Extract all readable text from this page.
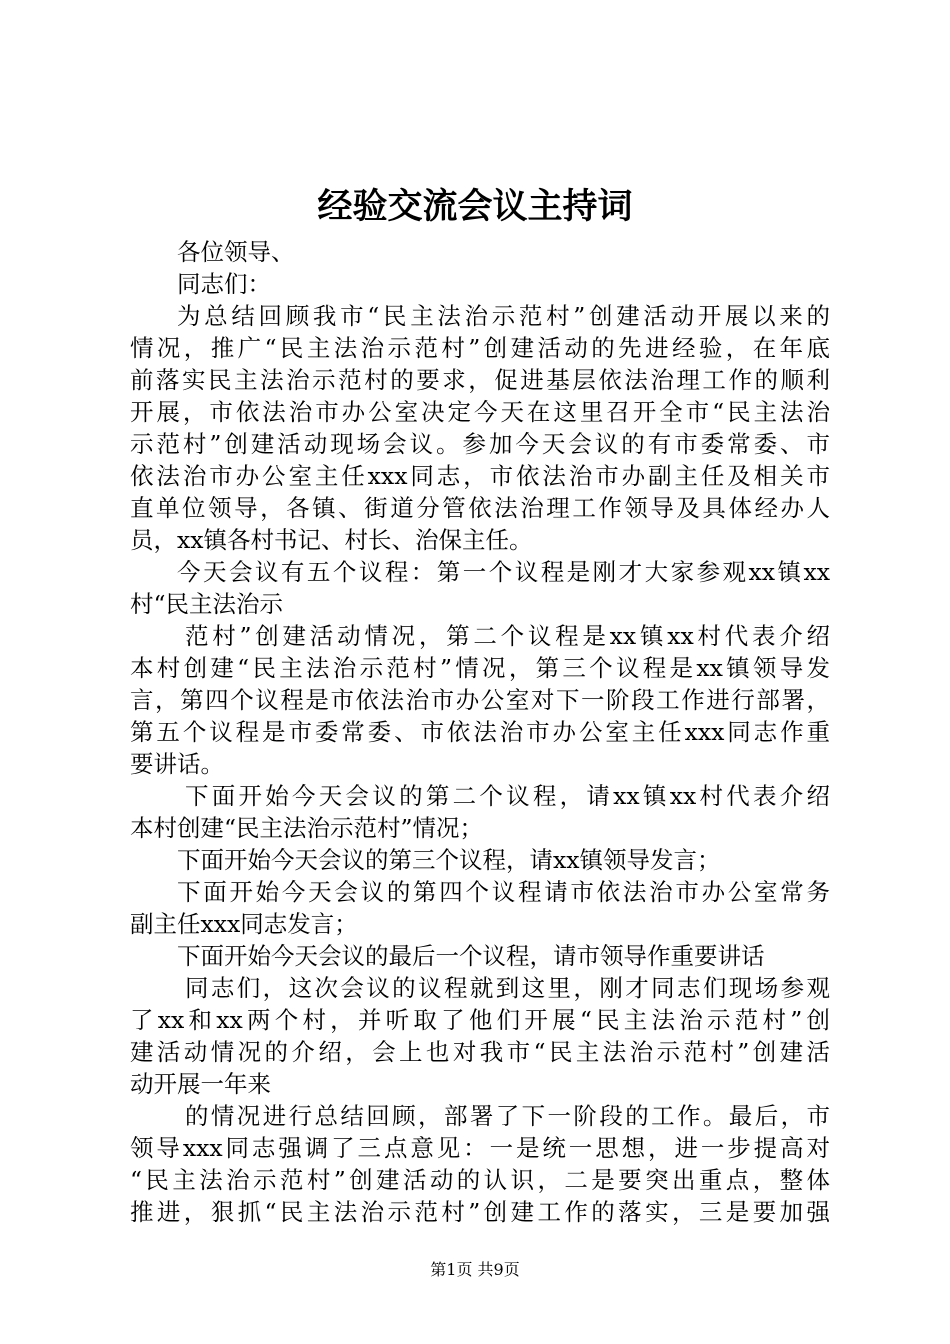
经验交流会议主持词
各位领导、
同志们：
为总结回顾我市“民主法治示范村”创建活动开展以来的
情况，推广“民主法治示范村”创建活动的先进经验，在年底
前落实民主法治示范村的要求，促进基层依法治理工作的顺利
开展，市依法治市办公室决定今天在这里召开全市“民主法治
示范村”创建活动现场会议。参加今天会议的有市委常委、市
依法治市办公室主任xxx同志，市依法治市办副主任及相关市
直单位领导，各镇、街道分管依法治理工作领导及具体经办人
员，xx镇各村书记、村长、治保主任。
今天会议有五个议程：第一个议程是刚才大家参观xx镇xx
村“民主法治示
范村”创建活动情况，第二个议程是xx镇xx村代表介绍
本村创建“民主法治示范村”情况，第三个议程是xx镇领导发
言，第四个议程是市依法治市办公室对下一阶段工作进行部署，
第五个议程是市委常委、市依法治市办公室主任xxx同志作重
要讲话。
下面开始今天会议的第二个议程，请xx镇xx村代表介绍
本村创建“民主法治示范村”情况；
下面开始今天会议的第三个议程，请xx镇领导发言；
下面开始今天会议的第四个议程请市依法治市办公室常务
副主任xxx同志发言；
下面开始今天会议的最后一个议程，请市领导作重要讲话
同志们，这次会议的议程就到这里，刚才同志们现场参观
了xx和xx两个村，并听取了他们开展“民主法治示范村”创
建活动情况的介绍，会上也对我市“民主法治示范村”创建活
动开展一年来
的情况进行总结回顾，部署了下一阶段的工作。最后，市
领导xxx同志强调了三点意见：一是统一思想，进一步提高对
“民主法治示范村”创建活动的认识，二是要突出重点，整体
推进，狠抓“民主法治示范村”创建工作的落实，三是要加强
第1页 共9页
